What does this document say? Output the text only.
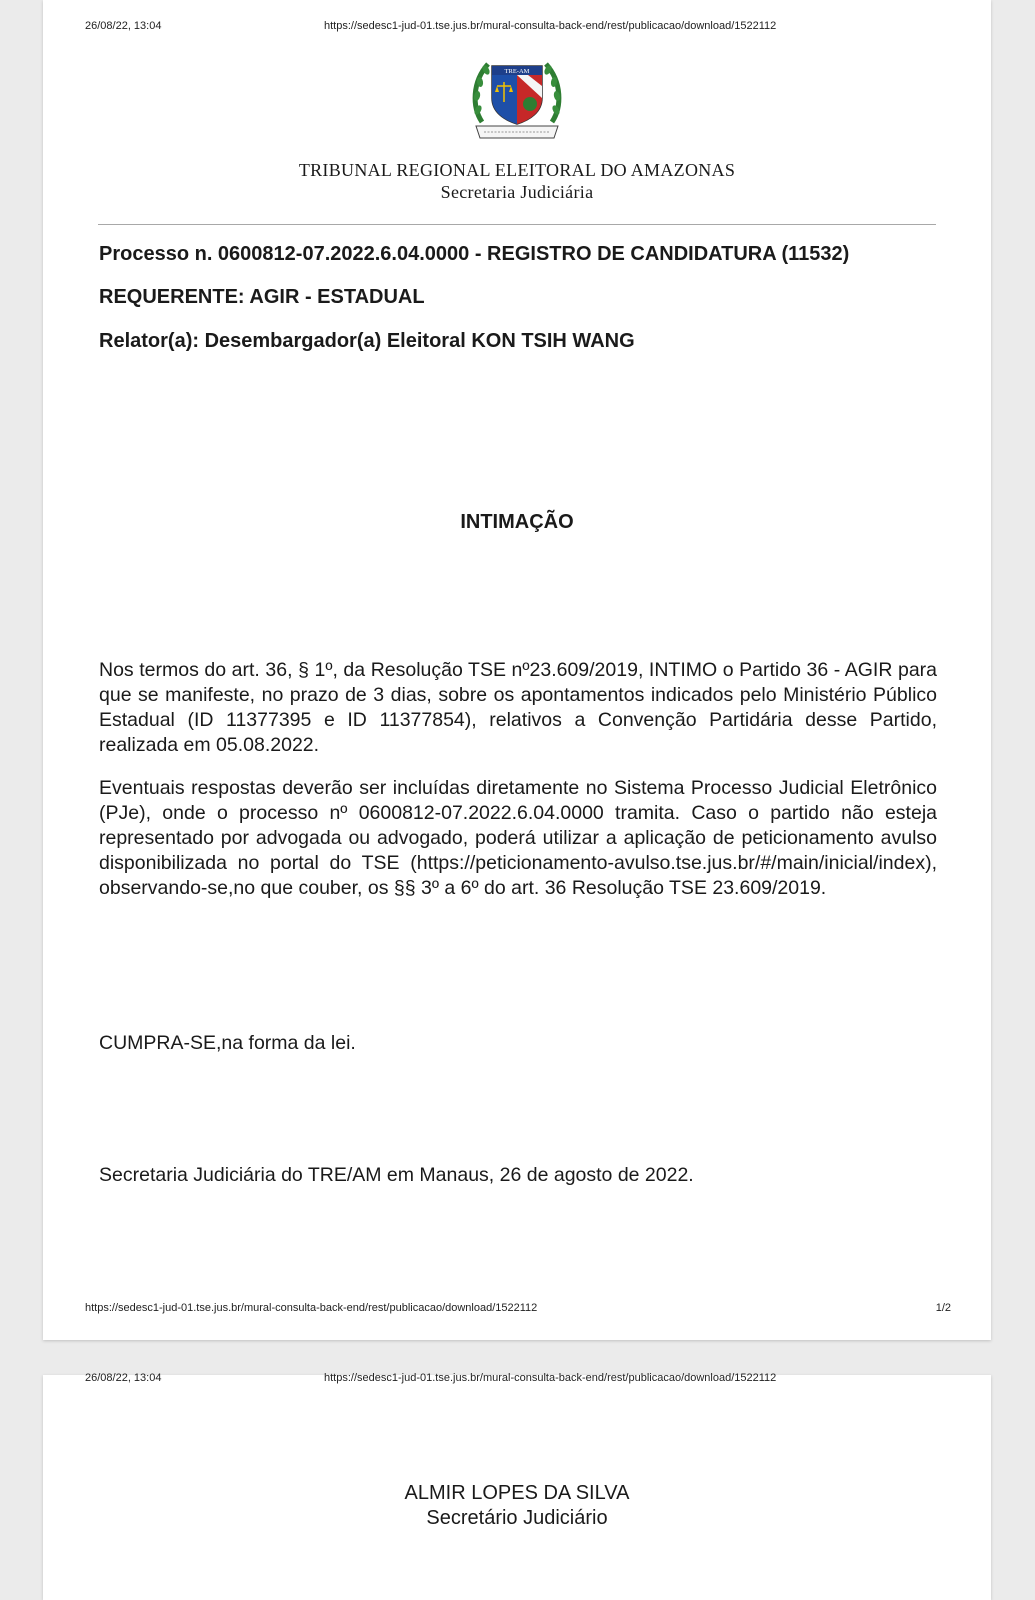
26/08/22, 13:04	https://sedesc1-jud-01.tse.jus.br/mural-consulta-back-end/rest/publicacao/download/1522112
TRE-AM
TRIBUNAL REGIONAL ELEITORAL DO AMAZONAS
Secretaria Judiciária
Processo n. 0600812-07.2022.6.04.0000 - REGISTRO DE CANDIDATURA (11532)
REQUERENTE: AGIR - ESTADUAL
Relator(a): Desembargador(a) Eleitoral KON TSIH WANG
INTIMAÇÃO
Nos termos do art. 36, § 1º, da Resolução TSE nº23.609/2019, INTIMO o Partido 36 - AGIR para que se manifeste, no prazo de 3 dias, sobre os apontamentos indicados pelo Ministério Público Estadual (ID 11377395 e ID 11377854), relativos a Convenção Partidária desse Partido, realizada em 05.08.2022.
Eventuais respostas deverão ser incluídas diretamente no Sistema Processo Judicial Eletrônico (PJe), onde o processo nº 0600812-07.2022.6.04.0000 tramita. Caso o partido não esteja representado por advogada ou advogado, poderá utilizar a aplicação de peticionamento avulso disponibilizada no portal do TSE (https://peticionamento-avulso.tse.jus.br/#/main/inicial/index), observando-se,no que couber, os §§ 3º a 6º do art. 36 Resolução TSE 23.609/2019.
CUMPRA-SE,na forma da lei.
Secretaria Judiciária do TRE/AM em Manaus, 26 de agosto de 2022.
https://sedesc1-jud-01.tse.jus.br/mural-consulta-back-end/rest/publicacao/download/1522112	1/2
26/08/22, 13:04	https://sedesc1-jud-01.tse.jus.br/mural-consulta-back-end/rest/publicacao/download/1522112
ALMIR LOPES DA SILVA
Secretário Judiciário
